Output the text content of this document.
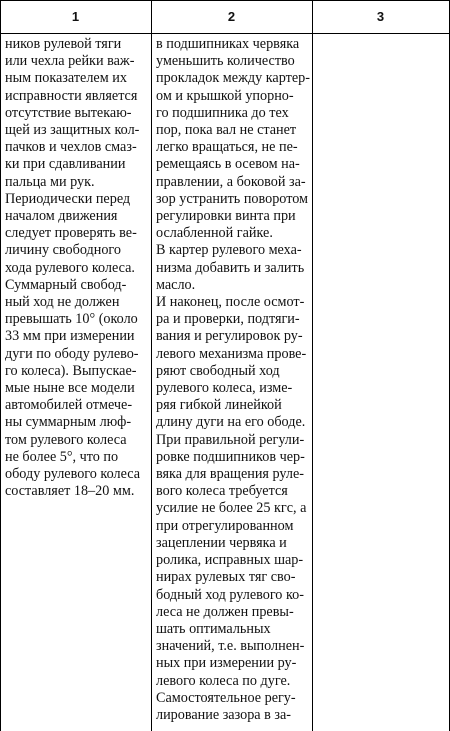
1	2	3
ников рулевой тяги
или чехла рейки важ-
ным показателем их
исправности является
отсутствие вытекаю-
щей из защитных кол-
пачков и чехлов смаз-
ки при сдавливании
пальца ми рук.
Периодически перед
началом движения
следует проверять ве-
личину свободного
хода рулевого колеса.
Суммарный свобод-
ный ход не должен
превышать 10° (около
33 мм при измерении
дуги по ободу рулево-
го колеса). Выпускае-
мые ныне все модели
автомобилей отмече-
ны суммарным люф-
том рулевого колеса
не более 5°, что по
ободу рулевого колеса
составляет 18–20 мм.
в подшипниках червяка
уменьшить количество
прокладок между картер-
ом и крышкой упорно-
го подшипника до тех
пор, пока вал не станет
легко вращаться, не пе-
ремещаясь в осевом на-
правлении, а боковой за-
зор устранить поворотом
регулировки винта при
ослабленной гайке.
В картер рулевого меха-
низма добавить и залить
масло.
И наконец, после осмот-
ра и проверки, подтяги-
вания и регулировок ру-
левого механизма прове-
ряют свободный ход
рулевого колеса, изме-
ряя гибкой линейкой
длину дуги на его ободе.
При правильной регули-
ровке подшипников чер-
вяка для вращения руле-
вого колеса требуется
усилие не более 25 кгс, а
при отрегулированном
зацеплении червяка и
ролика, исправных шар-
нирах рулевых тяг сво-
бодный ход рулевого ко-
леса не должен превы-
шать оптимальных
значений, т.е. выполнен-
ных при измерении ру-
левого колеса по дуге.
Самостоятельное регу-
лирование зазора в за-
